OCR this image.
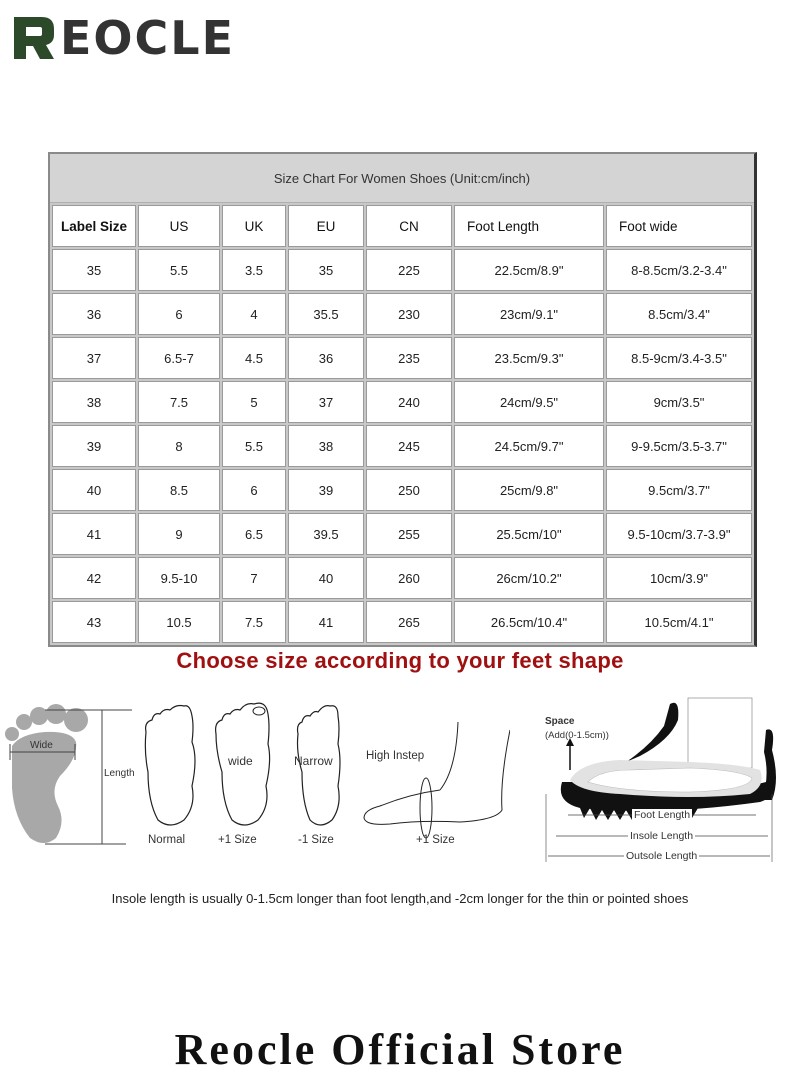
EOCLE
Size Chart For Women Shoes (Unit:cm/inch)
Label Size	US	UK	EU	CN	Foot Length	Foot wide
35	5.5	3.5	35	225	22.5cm/8.9"	8-8.5cm/3.2-3.4"
36	6	4	35.5	230	23cm/9.1"	8.5cm/3.4"
37	6.5-7	4.5	36	235	23.5cm/9.3"	8.5-9cm/3.4-3.5"
38	7.5	5	37	240	24cm/9.5"	9cm/3.5"
39	8	5.5	38	245	24.5cm/9.7"	9-9.5cm/3.5-3.7"
40	8.5	6	39	250	25cm/9.8"	9.5cm/3.7"
41	9	6.5	39.5	255	25.5cm/10"	9.5-10cm/3.7-3.9"
42	9.5-10	7	40	260	26cm/10.2"	10cm/3.9"
43	10.5	7.5	41	265	26.5cm/10.4"	10.5cm/4.1"
Choose size according to your feet shape
Wide
Length
Normal
wide
+1 Size
Narrow
-1 Size
High Instep
+1 Size
Space
(Add(0-1.5cm))
Foot Length
Insole Length
Outsole Length
Insole length is usually 0-1.5cm longer than foot length,and -2cm longer for the thin or pointed shoes
Reocle Official Store
